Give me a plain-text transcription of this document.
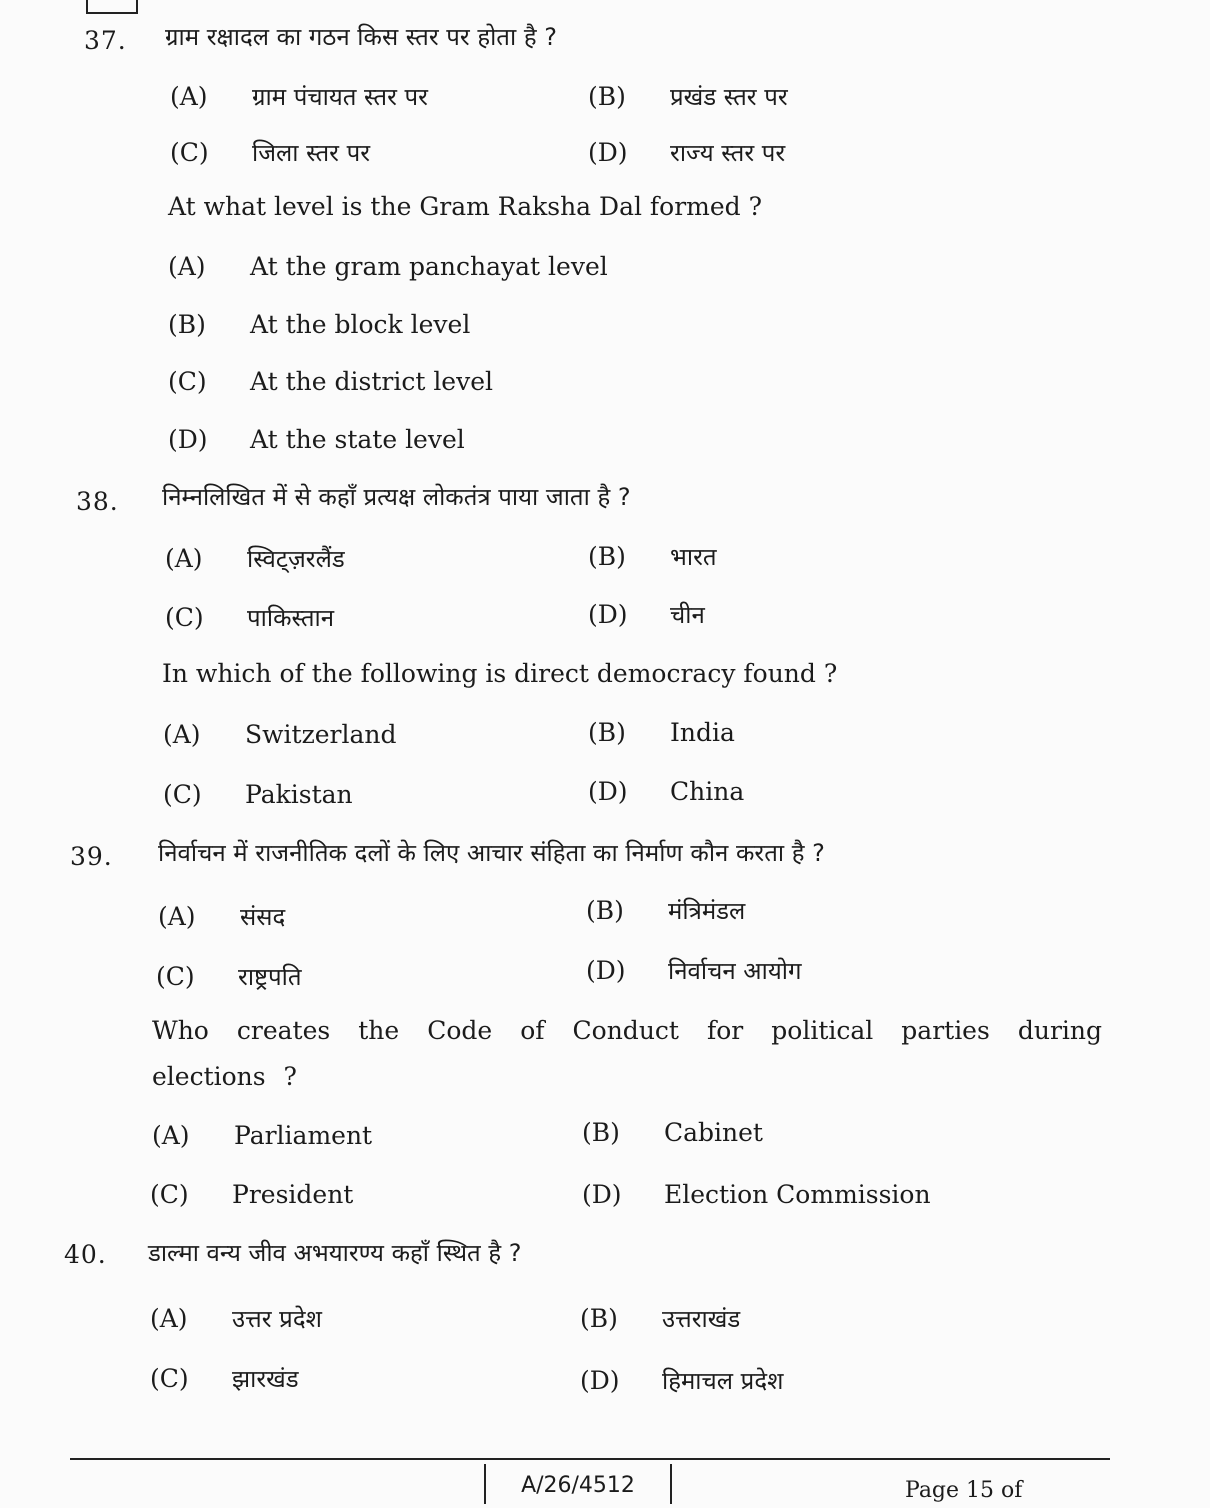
37. ग्राम रक्षादल का गठन किस स्तर पर होता है ?
(A) ग्राम पंचायत स्तर पर	(B) प्रखंड स्तर पर
(C) जिला स्तर पर	(D) राज्य स्तर पर
At what level is the Gram Raksha Dal formed ?
(A) At the gram panchayat level
(B) At the block level
(C) At the district level
(D) At the state level
38. निम्नलिखित में से कहाँ प्रत्यक्ष लोकतंत्र पाया जाता है ?
(A) स्विट्ज़रलैंड	(B) भारत
(C) पाकिस्तान	(D) चीन
In which of the following is direct democracy found ?
(A) Switzerland	(B) India
(C) Pakistan	(D) China
39. निर्वाचन में राजनीतिक दलों के लिए आचार संहिता का निर्माण कौन करता है ?
(A) संसद	(B) मंत्रिमंडल
(C) राष्ट्रपति	(D) निर्वाचन आयोग
Who creates the Code of Conduct for political parties during elections ?
(A) Parliament	(B) Cabinet
(C) President	(D) Election Commission
40. डाल्मा वन्य जीव अभयारण्य कहाँ स्थित है ?
(A) उत्तर प्रदेश	(B) उत्तराखंड
(C) झारखंड	(D) हिमाचल प्रदेश
A/26/4512	Page 15 of
